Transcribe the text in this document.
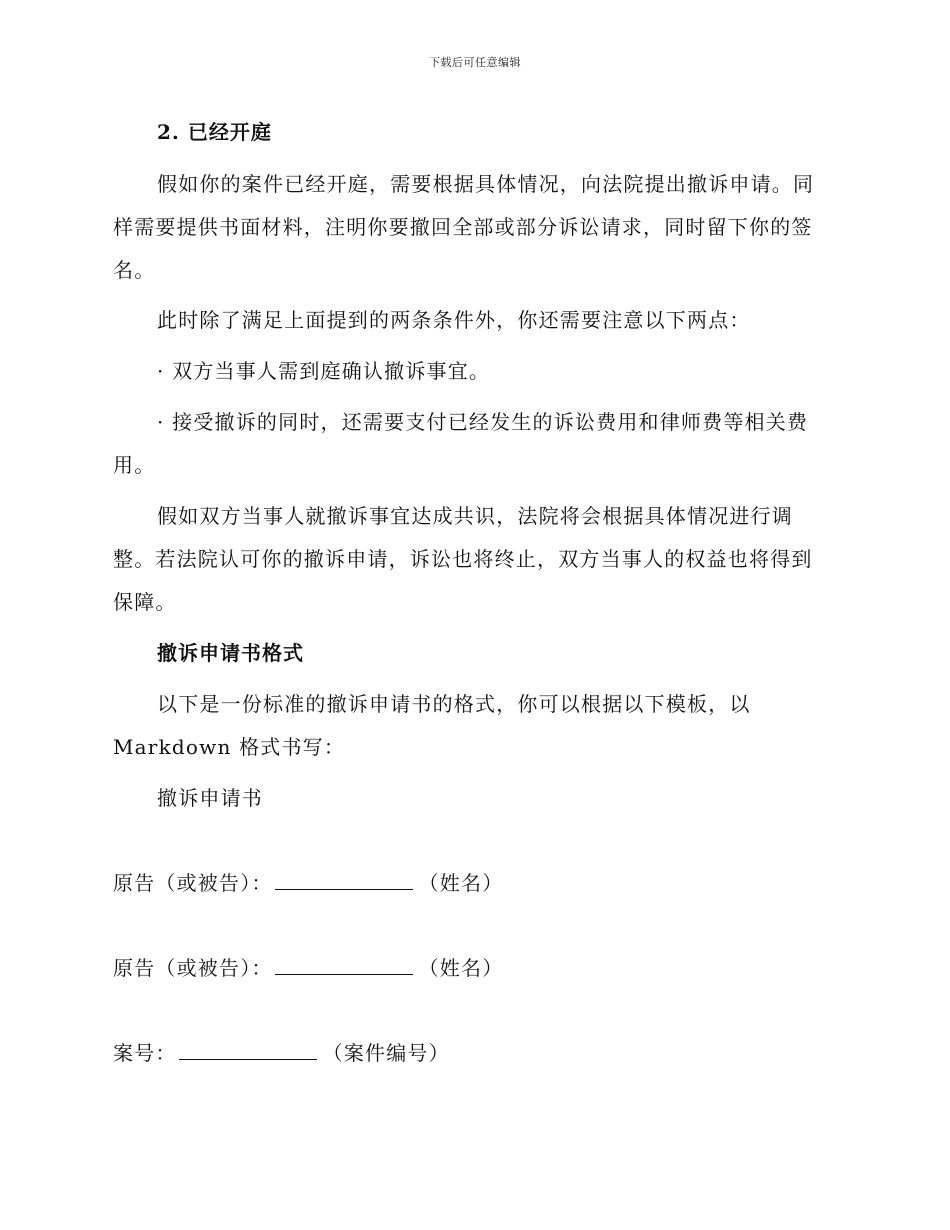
下载后可任意编辑
2. 已经开庭
假如你的案件已经开庭，需要根据具体情况，向法院提出撤诉申请。同
样需要提供书面材料，注明你要撤回全部或部分诉讼请求，同时留下你的签
名。
此时除了满足上面提到的两条条件外，你还需要注意以下两点：
· 双方当事人需到庭确认撤诉事宜。
· 接受撤诉的同时，还需要支付已经发生的诉讼费用和律师费等相关费
用。
假如双方当事人就撤诉事宜达成共识，法院将会根据具体情况进行调
整。若法院认可你的撤诉申请，诉讼也将终止，双方当事人的权益也将得到
保障。
撤诉申请书格式
以下是一份标准的撤诉申请书的格式，你可以根据以下模板，以
Markdown 格式书写：
撤诉申请书
原告（或被告）：	（姓名）
原告（或被告）：	（姓名）
案号：	（案件编号）
